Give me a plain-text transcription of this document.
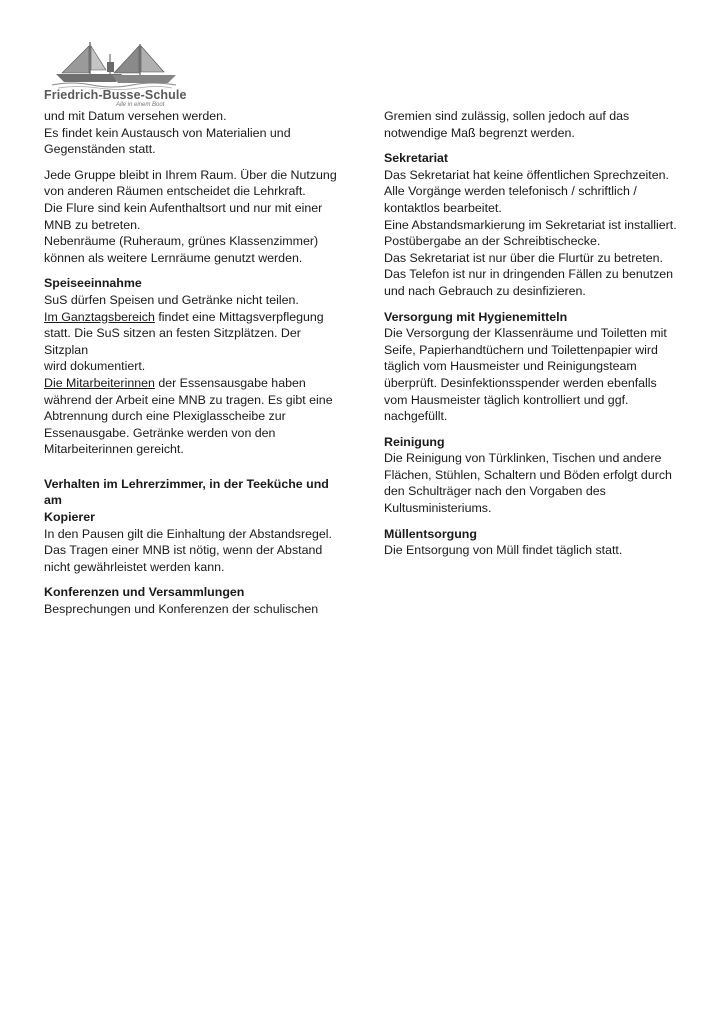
Friedrich-Busse-Schule
Alle in einem Boot

und mit Datum versehen werden.
Es findet kein Austausch von Materialien und
Gegenständen statt.

Jede Gruppe bleibt in Ihrem Raum. Über die Nutzung
von anderen Räumen entscheidet die Lehrkraft.
Die Flure sind kein Aufenthaltsort und nur mit einer
MNB zu betreten.
Nebenräume (Ruheraum, grünes Klassenzimmer)
können als weitere Lernräume genutzt werden.

Speiseeinnahme

SuS dürfen Speisen und Getränke nicht teilen.
Im Ganztagsbereich findet eine Mittagsverpflegung
statt. Die SuS sitzen an festen Sitzplätzen. Der Sitzplan
wird dokumentiert.
Die Mitarbeiterinnen der Essensausgabe haben
während der Arbeit eine MNB zu tragen. Es gibt eine
Abtrennung durch eine Plexiglasscheibe zur
Essenausgabe. Getränke werden von den
Mitarbeiterinnen gereicht.

Verhalten im Lehrerzimmer, in der Teeküche und am
Kopierer

In den Pausen gilt die Einhaltung der Abstandsregel.
Das Tragen einer MNB ist nötig, wenn der Abstand
nicht gewährleistet werden kann.

Konferenzen und Versammlungen

Besprechungen und Konferenzen der schulischen

Gremien sind zulässig, sollen jedoch auf das
notwendige Maß begrenzt werden.

Sekretariat

Das Sekretariat hat keine öffentlichen Sprechzeiten.
Alle Vorgänge werden telefonisch / schriftlich /
kontaktlos bearbeitet.
Eine Abstandsmarkierung im Sekretariat ist installiert.
Postübergabe an der Schreibtischecke.
Das Sekretariat ist nur über die Flurtür zu betreten.
Das Telefon ist nur in dringenden Fällen zu benutzen
und nach Gebrauch zu desinfizieren.

Versorgung mit Hygienemitteln

Die Versorgung der Klassenräume und Toiletten mit
Seife, Papierhandtüchern und Toilettenpapier wird
täglich vom Hausmeister und Reinigungsteam
überprüft. Desinfektionsspender werden ebenfalls
vom Hausmeister täglich kontrolliert und ggf.
nachgefüllt.

Reinigung

Die Reinigung von Türklinken, Tischen und andere
Flächen, Stühlen, Schaltern und Böden erfolgt durch
den Schulträger nach den Vorgaben des
Kultusministeriums.

Müllentsorgung

Die Entsorgung von Müll findet täglich statt.
